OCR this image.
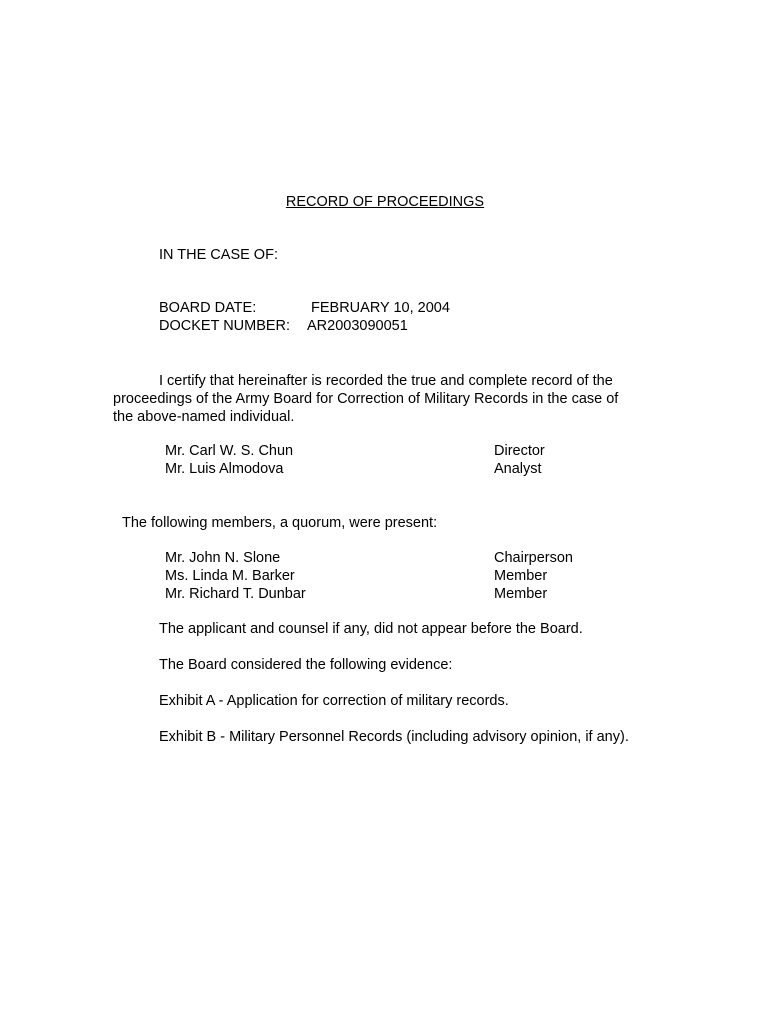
RECORD OF PROCEEDINGS
IN THE CASE OF:
BOARD DATE:	FEBRUARY 10, 2004
DOCKET NUMBER: AR2003090051
I certify that hereinafter is recorded the true and complete record of the
proceedings of the Army Board for Correction of Military Records in the case of
the above-named individual.
Mr. Carl W. S. Chun	Director
Mr. Luis Almodova	Analyst
The following members, a quorum, were present:
Mr. John N. Slone	Chairperson
Ms. Linda M. Barker	Member
Mr. Richard T. Dunbar	Member
The applicant and counsel if any, did not appear before the Board.
The Board considered the following evidence:
Exhibit A - Application for correction of military records.
Exhibit B - Military Personnel Records (including advisory opinion, if any).
